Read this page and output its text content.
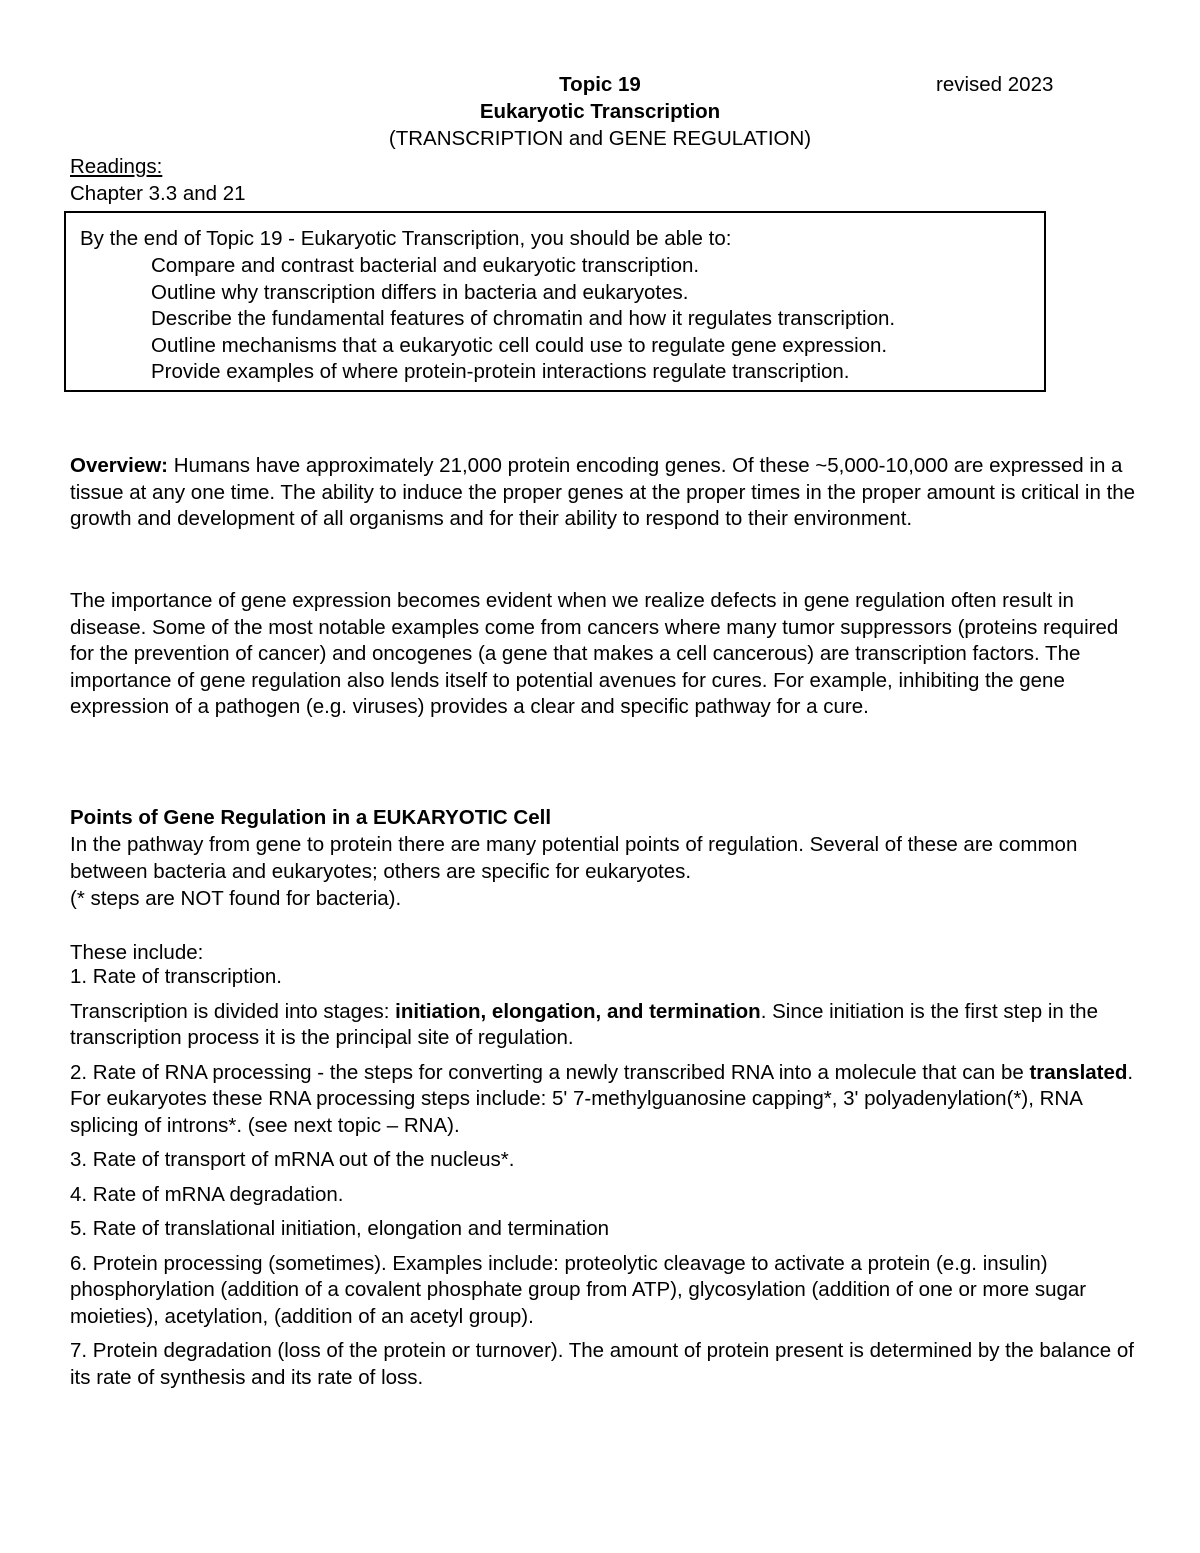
Topic 19	revised 2023
Eukaryotic Transcription
(TRANSCRIPTION and GENE REGULATION)
Readings:
Chapter 3.3 and 21
By the end of Topic 19 - Eukaryotic Transcription, you should be able to:
Compare and contrast bacterial and eukaryotic transcription.
Outline why transcription differs in bacteria and eukaryotes.
Describe the fundamental features of chromatin and how it regulates transcription.
Outline mechanisms that a eukaryotic cell could use to regulate gene expression.
Provide examples of where protein-protein interactions regulate transcription.
Overview: Humans have approximately 21,000 protein encoding genes. Of these ~5,000-10,000 are expressed in a tissue at any one time. The ability to induce the proper genes at the proper times in the proper amount is critical in the growth and development of all organisms and for their ability to respond to their environment.
The importance of gene expression becomes evident when we realize defects in gene regulation often result in disease. Some of the most notable examples come from cancers where many tumor suppressors (proteins required for the prevention of cancer) and oncogenes (a gene that makes a cell cancerous) are transcription factors. The importance of gene regulation also lends itself to potential avenues for cures. For example, inhibiting the gene expression of a pathogen (e.g. viruses) provides a clear and specific pathway for a cure.
Points of Gene Regulation in a EUKARYOTIC Cell
In the pathway from gene to protein there are many potential points of regulation. Several of these are common between bacteria and eukaryotes; others are specific for eukaryotes.
(* steps are NOT found for bacteria).
These include:

1. Rate of transcription.

Transcription is divided into stages: initiation, elongation, and termination. Since initiation is the first step in the transcription process it is the principal site of regulation.

2. Rate of RNA processing - the steps for converting a newly transcribed RNA into a molecule that can be translated. For eukaryotes these RNA processing steps include: 5' 7-methylguanosine capping*, 3' polyadenylation(*), RNA splicing of introns*. (see next topic – RNA).

3. Rate of transport of mRNA out of the nucleus*.

4. Rate of mRNA degradation.

5. Rate of translational initiation, elongation and termination

6. Protein processing (sometimes). Examples include: proteolytic cleavage to activate a protein (e.g. insulin) phosphorylation (addition of a covalent phosphate group from ATP), glycosylation (addition of one or more sugar moieties), acetylation, (addition of an acetyl group).

7. Protein degradation (loss of the protein or turnover). The amount of protein present is determined by the balance of its rate of synthesis and its rate of loss.
